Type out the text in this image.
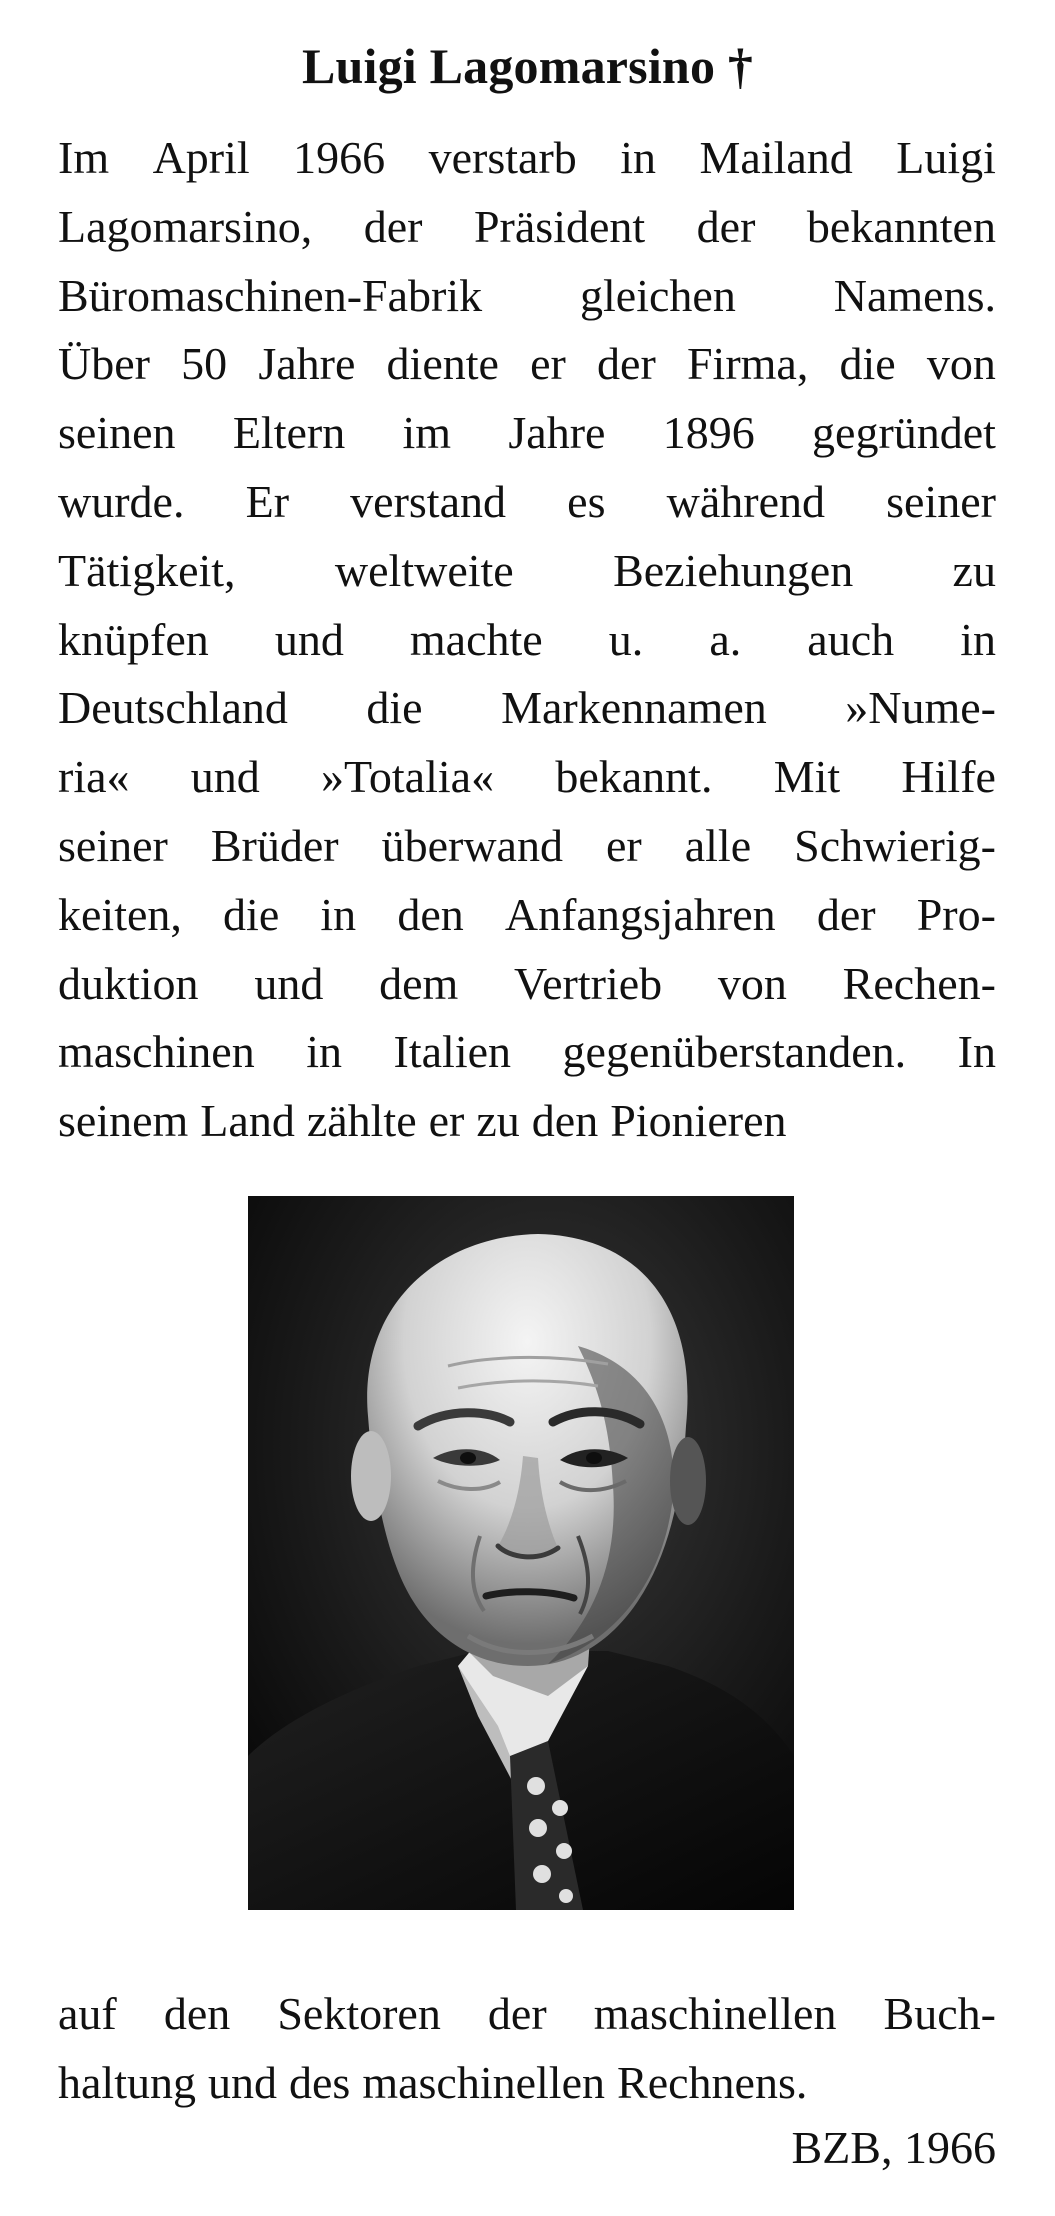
Luigi Lagomarsino †
Im April 1966 verstarb in Mailand Luigi
Lagomarsino, der Präsident der bekannten
Büromaschinen-Fabrik gleichen Namens.
Über 50 Jahre diente er der Firma, die von
seinen Eltern im Jahre 1896 gegründet
wurde. Er verstand es während seiner
Tätigkeit, weltweite Beziehungen zu
knüpfen und machte u. a. auch in
Deutschland die Markennamen »Nume-
ria« und »Totalia« bekannt. Mit Hilfe
seiner Brüder überwand er alle Schwierig-
keiten, die in den Anfangsjahren der Pro-
duktion und dem Vertrieb von Rechen-
maschinen in Italien gegenüberstanden. In
seinem Land zählte er zu den Pionieren
auf den Sektoren der maschinellen Buch-
haltung und des maschinellen Rechnens.
BZB, 1966
